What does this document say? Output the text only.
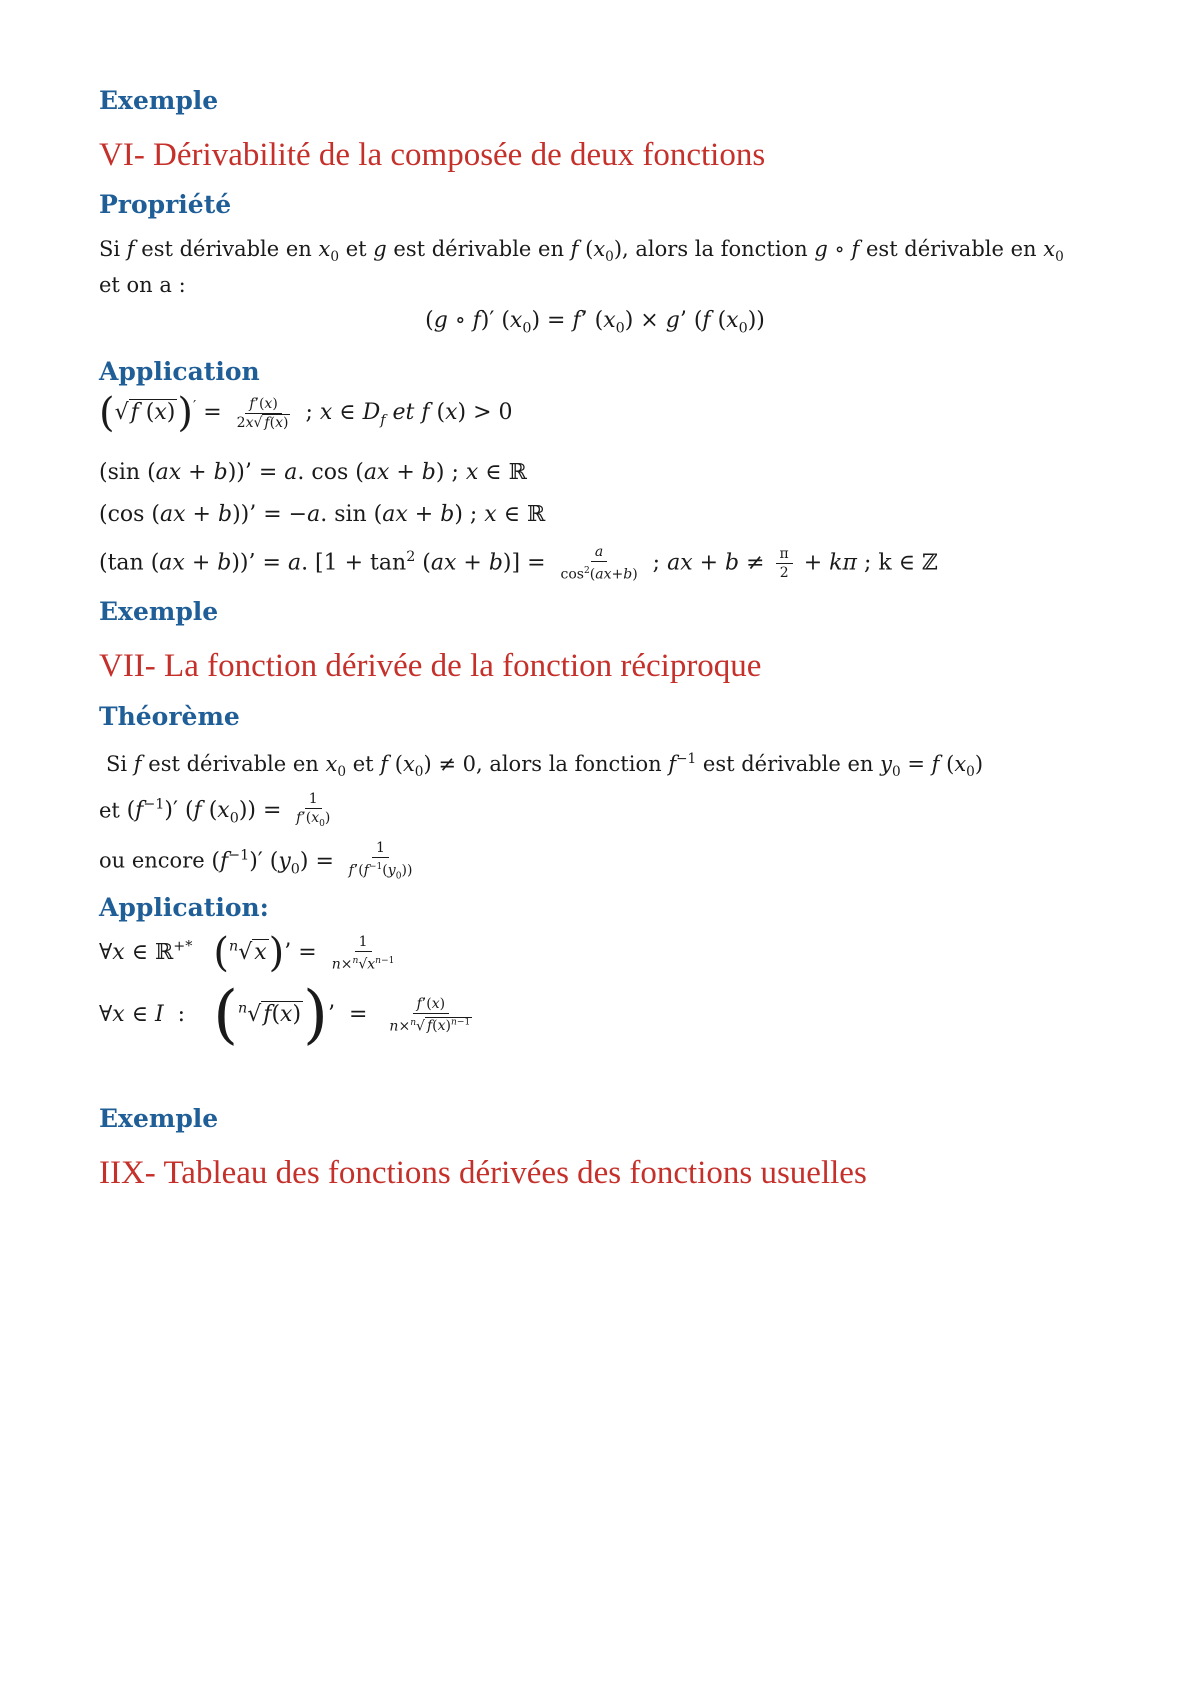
Exemple
VI- Dérivabilité de la composée de deux fonctions
Propriété
Si f est dérivable en $x_0$ et g est dérivable en f $(x_0)$, alors la fonction g ∘ f est dérivable en $x_0$
et on a :
(g ∘ f)′ $(x_0) = f$’ $(x_0) \times g$’ (f $(x_0)$)
Application
(√f $(x))' = \frac{f’(x)}{2x√ f(x)}$ ; x ∈ $D_f$ et f (x) > 0
(sin (ax + b))’ = a. cos (ax + b) ; x ∈ ℝ
(cos (ax + b))’ = −a. sin (ax + b) ; x ∈ ℝ
(tan (ax + b))’ = a. $[1 + \tan^2 (ax + b)] = \frac{a}{\cos^2(ax+b)}$ ; ax + $b \ne \frac{\pi}{2} + k\pi$ ; k ∈ ℤ
Exemple
VII- La fonction dérivée de la fonction réciproque
Théorème
Si f est dérivable en $x_0$ et f $(x_0) \ne 0$, alors la fonction $f^{-1}$ est dérivable en $y_0 = f$ $(x_0)$
et $(f^{-1})'$ (f $(x_0)) = \frac{1}{f’(x_0)}$
ou encore $(f^{-1})'$ $(y_0) = \frac{1}{f’(f^{-1}(y_0))}$
Application:
∀x ∈ ℝ+* ($^n$√x)’ = $\frac{1}{n\times^n√x^{n-1}}$
∀x ∈ I  :    ($^n$√f(x))’  = $\frac{f’(x)}{n\times^n√ f(x)^{n-1}}$
Exemple
IIX- Tableau des fonctions dérivées des fonctions usuelles
